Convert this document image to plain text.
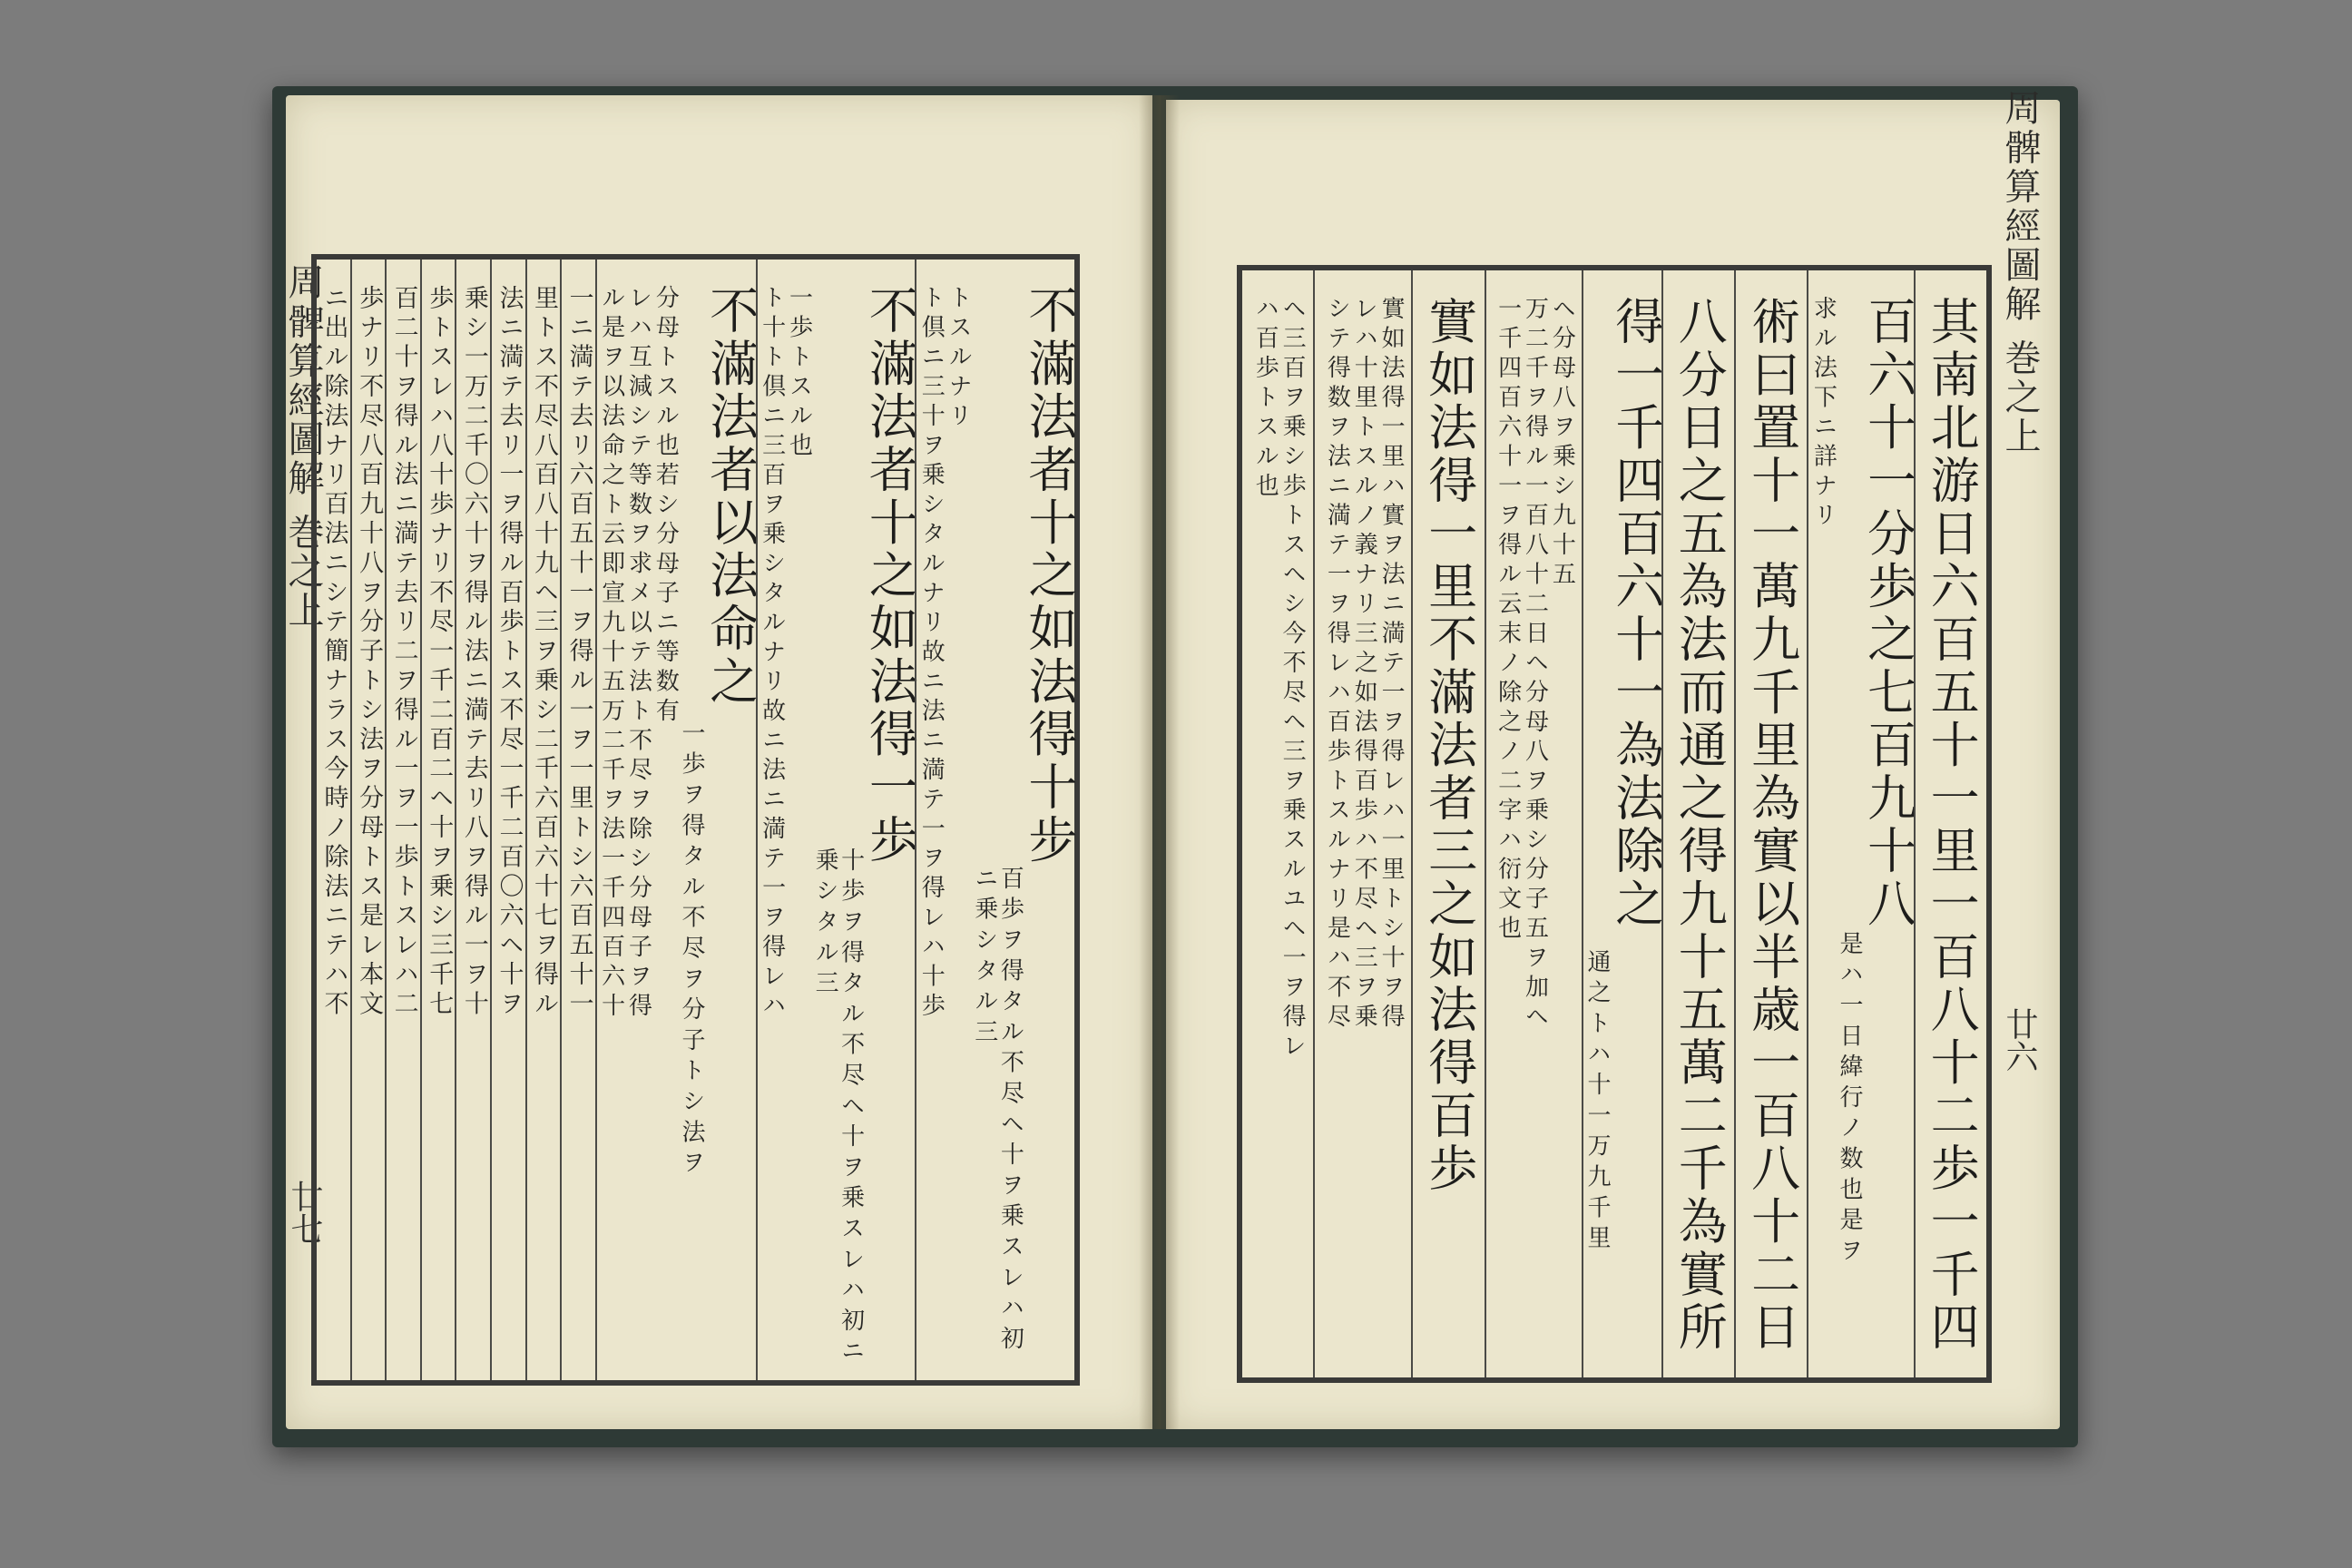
周髀算經圖解 巻之上
廿七
周髀算經圖解 巻之上
廿六
不滿法者十之如法得十步
百歩ヲ得タル不尽ヘ十ヲ乗スレハ初ニ乗シタル三
トスルナリ
ト倶ニ三十ヲ乗シタルナリ故ニ法ニ満テ一ヲ得レハ十歩
不滿法者十之如法得一歩
十歩ヲ得タル不尽ヘ十ヲ乗スレハ初ニ乗シタル三
一歩トスル也
ト十ト倶ニ三百ヲ乗シタルナリ故ニ法ニ満テ一ヲ得レハ
不滿法者以法命之
一歩ヲ得タル不尽ヲ分子トシ法ヲ
分母トスル也若シ分母子ニ等数有
レハ互減シテ等数ヲ求メ以テ法ト不尽ヲ除シ分母子ヲ得
ル是ヲ以法命之ト云即宣九十五万二千ヲ法一千四百六十
一ニ満テ去リ六百五十一ヲ得ル一ヲ一里トシ六百五十一
里トス不尽八百八十九ヘ三ヲ乗シ二千六百六十七ヲ得ル
法ニ満テ去リ一ヲ得ル百歩トス不尽一千二百〇六ヘ十ヲ
乗シ一万二千〇六十ヲ得ル法ニ満テ去リ八ヲ得ル一ヲ十
歩トスレハ八十歩ナリ不尽一千二百二ヘ十ヲ乗シ三千七
百二十ヲ得ル法ニ満テ去リ二ヲ得ル一ヲ一歩トスレハ二
歩ナリ不尽八百九十八ヲ分子トシ法ヲ分母トス是レ本文
ニ出ル除法ナリ百法ニシテ簡ナラス今時ノ除法ニテハ不	其南北游日六百五十一里一百八十二歩一千四
百六十一分歩之七百九十八
是ハ一日緯行ノ数也是ヲ
求ル法下ニ詳ナリ
術曰置十一萬九千里為實以半歳一百八十二日
八分日之五為法而通之得九十五萬二千為實所
得一千四百六十一為法除之
通之トハ十一万九千里
ヘ分母八ヲ乗シ九十五
万二千ヲ得ル一百八十二日ヘ分母八ヲ乗シ分子五ヲ加ヘ
一千四百六十一ヲ得ル云末ノ除之ノ二字ハ衍文也
實如法得一里不滿法者三之如法得百歩
實如法得一里ハ實ヲ法ニ満テ一ヲ得レハ一里トシ十ヲ得
レハ十里トスルノ義ナリ三之如法得百歩ハ不尽ヘ三ヲ乗
シテ得数ヲ法ニ満テ一ヲ得レハ百歩トスルナリ是ハ不尽
ヘ三百ヲ乗シ歩トスヘシ今不尽ヘ三ヲ乗スルユヘ一ヲ得レ
ハ百歩トスル也
